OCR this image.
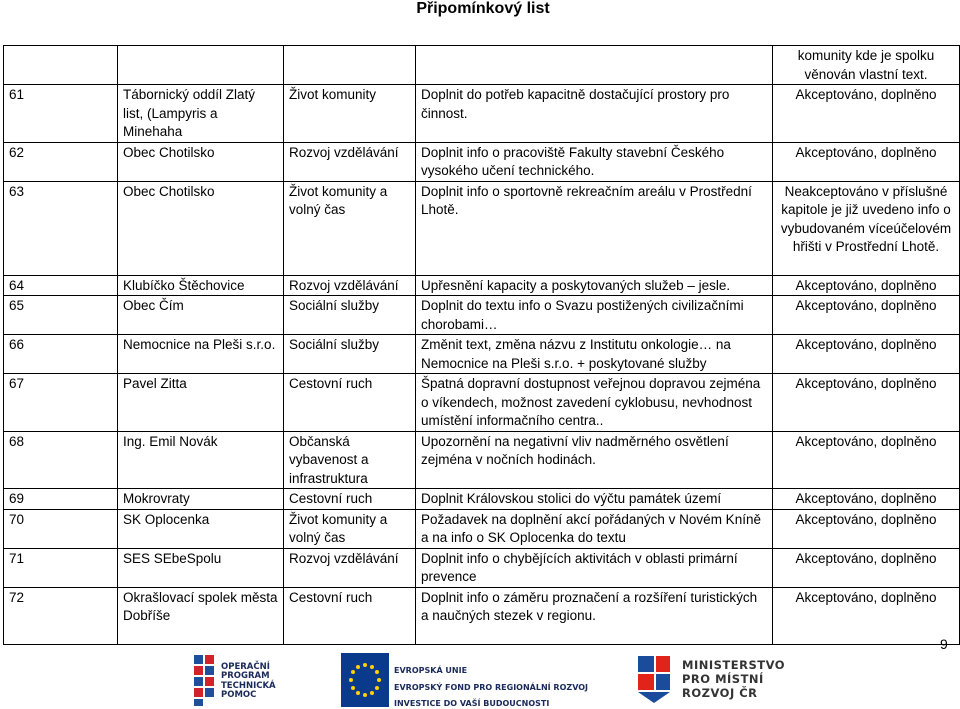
Připomínkový list
				komunity kde je spolku věnován vlastní text.
61	Tábornický oddíl Zlatý list, (Lampyris a Minehaha	Život komunity	Doplnit do potřeb kapacitně dostačující prostory pro činnost.	Akceptováno, doplněno
62	Obec Chotilsko	Rozvoj vzdělávání	Doplnit info o pracoviště Fakulty stavební Českého vysokého učení technického.	Akceptováno, doplněno
63	Obec Chotilsko	Život komunity a volný čas	Doplnit info o sportovně rekreačním areálu v Prostřední Lhotě.	Neakceptováno v příslušné kapitole je již uvedeno info o vybudovaném víceúčelovém hřišti v Prostřední Lhotě.
64	Klubíčko Štěchovice	Rozvoj vzdělávání	Upřesnění kapacity a poskytovaných služeb – jesle.	Akceptováno, doplněno
65	Obec Čím	Sociální služby	Doplnit do textu info o Svazu postižených civilizačními chorobami…	Akceptováno, doplněno
66	Nemocnice na Pleši s.r.o.	Sociální služby	Změnit text, změna názvu z Institutu onkologie… na Nemocnice na Pleši s.r.o. + poskytované služby	Akceptováno, doplněno
67	Pavel Zitta	Cestovní ruch	Špatná dopravní dostupnost veřejnou dopravou zejména o víkendech, možnost zavedení cyklobusu, nevhodnost umístění informačního centra..	Akceptováno, doplněno
68	Ing. Emil Novák	Občanská vybavenost a infrastruktura	Upozornění na negativní vliv nadměrného osvětlení zejména v nočních hodinách.	Akceptováno, doplněno
69	Mokrovraty	Cestovní ruch	Doplnit Královskou stolici do výčtu památek území	Akceptováno, doplněno
70	SK Oplocenka	Život komunity a volný čas	Požadavek na doplnění akcí pořádaných v Novém Kníně a na info o SK Oplocenka do textu	Akceptováno, doplněno
71	SES SEbeSpolu	Rozvoj vzdělávání	Doplnit info o chybějících aktivitách v oblasti primární prevence	Akceptováno, doplněno
72	Okrašlovací spolek města Dobříše	Cestovní ruch	Doplnit info o záměru proznačení a rozšíření turistických a naučných stezek v regionu.	Akceptováno, doplněno
9
OPERAČNÍ PROGRAM TECHNICKÁ POMOC
EVROPSKÁ UNIE
EVROPSKÝ FOND PRO REGIONÁLNÍ ROZVOJ
INVESTICE DO VAŠÍ BUDOUCNOSTI
MINISTERSTVO PRO MÍSTNÍ ROZVOJ ČR
